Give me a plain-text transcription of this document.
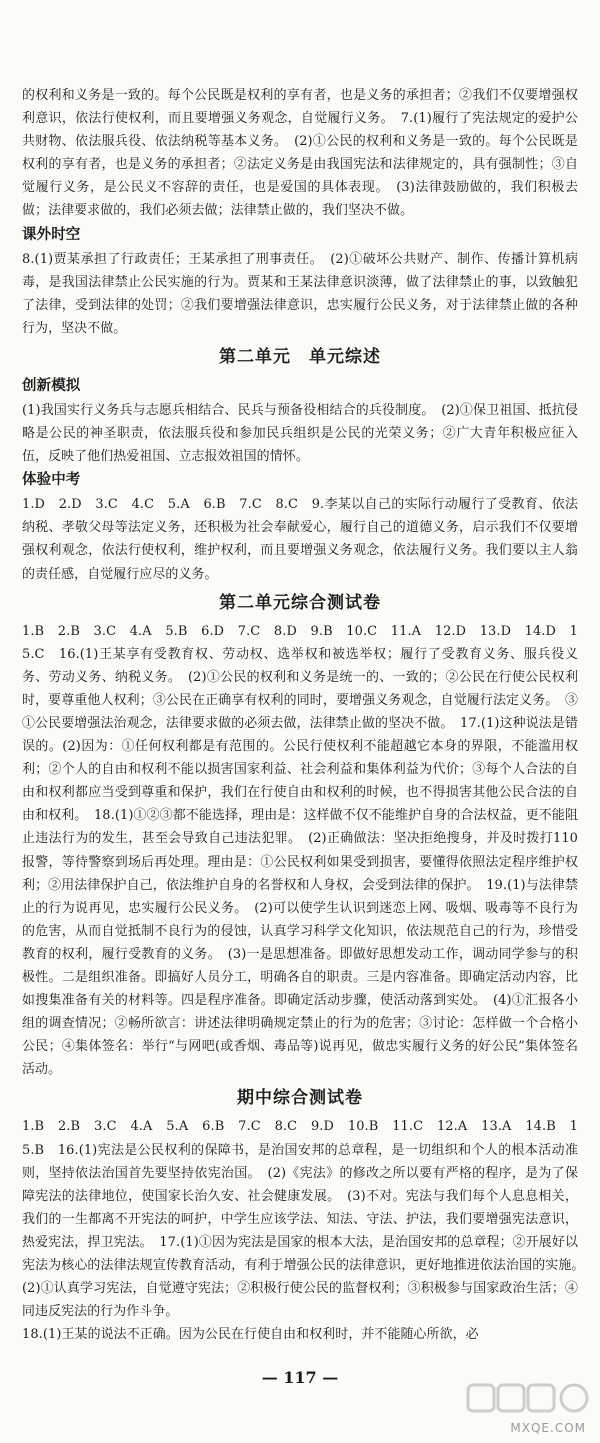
的权利和义务是一致的。每个公民既是权利的享有者，也是义务的承担者；②我们不仅要增强权利意识，依法行使权利，而且要增强义务观念，自觉履行义务。　7.(1)履行了宪法规定的爱护公共财物、依法服兵役、依法纳税等基本义务。　(2)①公民的权利和义务是一致的。每个公民既是权利的享有者，也是义务的承担者；②法定义务是由我国宪法和法律规定的，具有强制性；③自觉履行义务，是公民义不容辞的责任，也是爱国的具体表现。　(3)法律鼓励做的，我们积极去做；法律要求做的，我们必须去做；法律禁止做的，我们坚决不做。
课外时空
8.(1)贾某承担了行政责任；王某承担了刑事责任。　(2)①破坏公共财产、制作、传播计算机病毒，是我国法律禁止公民实施的行为。贾某和王某法律意识淡薄，做了法律禁止的事，以致触犯了法律，受到法律的处罚；②我们要增强法律意识，忠实履行公民义务，对于法律禁止做的各种行为，坚决不做。
第二单元　单元综述
创新模拟
(1)我国实行义务兵与志愿兵相结合、民兵与预备役相结合的兵役制度。　(2)①保卫祖国、抵抗侵略是公民的神圣职责，依法服兵役和参加民兵组织是公民的光荣义务；②广大青年积极应征入伍，反映了他们热爱祖国、立志报效祖国的情怀。
体验中考
1.D　2.D　3.C　4.C　5.A　6.B　7.C　8.C　9.李某以自己的实际行动履行了受教育、依法纳税、孝敬父母等法定义务，还积极为社会奉献爱心，履行自己的道德义务，启示我们不仅要增强权利观念，依法行使权利，维护权利，而且要增强义务观念，依法履行义务。我们要以主人翁的责任感，自觉履行应尽的义务。
第二单元综合测试卷
1.B　2.B　3.C　4.A　5.B　6.D　7.C　8.D　9.B　10.C　11.A　12.D　13.D　14.D　15.C　16.(1)王某享有受教育权、劳动权、选举权和被选举权；履行了受教育义务、服兵役义务、劳动义务、纳税义务。　(2)①公民的权利和义务是统一的、一致的；②公民在行使公民权利时，要尊重他人权利；③公民在正确享有权利的同时，要增强义务观念，自觉履行法定义务。　③①公民要增强法治观念，法律要求做的必须去做，法律禁止做的坚决不做。　17.(1)这种说法是错误的。(2)因为：①任何权利都是有范围的。公民行使权利不能超越它本身的界限，不能滥用权利；②个人的自由和权利不能以损害国家利益、社会利益和集体利益为代价；③每个人合法的自由和权利都应当受到尊重和保护，我们在行使自由和权利的时候，也不得损害其他公民合法的自由和权利。　18.(1)①②③都不能选择，理由是：这样做不仅不能维护自身的合法权益，更不能阻止违法行为的发生，甚至会导致自己违法犯罪。　(2)正确做法：坚决拒绝搜身，并及时拨打110报警，等待警察到场后再处理。理由是：①公民权利如果受到损害，要懂得依照法定程序维护权利；②用法律保护自己，依法维护自身的名誉权和人身权，会受到法律的保护。　19.(1)与法律禁止的行为说再见，忠实履行公民义务。　(2)可以使学生认识到迷恋上网、吸烟、吸毒等不良行为的危害，从而自觉抵制不良行为的侵蚀，认真学习科学文化知识，依法规范自己的行为，珍惜受教育的权利，履行受教育的义务。　(3)一是思想准备。即做好思想发动工作，调动同学参与的积极性。二是组织准备。即搞好人员分工，明确各自的职责。三是内容准备。即确定活动内容，比如搜集准备有关的材料等。四是程序准备。即确定活动步骤，使活动落到实处。　(4)①汇报各小组的调查情况；②畅所欲言：讲述法律明确规定禁止的行为的危害；③讨论：怎样做一个合格小公民；④集体签名：举行“与网吧(或香烟、毒品等)说再见，做忠实履行义务的好公民”集体签名活动。
期中综合测试卷
1.B　2.B　3.C　4.A　5.A　6.B　7.C　8.C　9.D　10.B　11.C　12.A　13.A　14.B　15.B　16.(1)宪法是公民权利的保障书，是治国安邦的总章程，是一切组织和个人的根本活动准则，坚持依法治国首先要坚持依宪治国。　(2)《宪法》的修改之所以要有严格的程序，是为了保障宪法的法律地位，使国家长治久安、社会健康发展。　(3)不对。宪法与我们每个人息息相关，我们的一生都离不开宪法的呵护，中学生应该学法、知法、守法、护法，我们要增强宪法意识，热爱宪法，捍卫宪法。　17.(1)①因为宪法是国家的根本大法，是治国安邦的总章程；②开展好以宪法为核心的法律法规宣传教育活动，有利于增强公民的法律意识，更好地推进依法治国的实施。　(2)①认真学习宪法，自觉遵守宪法；②积极行使公民的监督权利；③积极参与国家政治生活；④同违反宪法的行为作斗争。
18.(1)王某的说法不正确。因为公民在行使自由和权利时，并不能随心所欲，必
— 117 —
MXQE.COM
